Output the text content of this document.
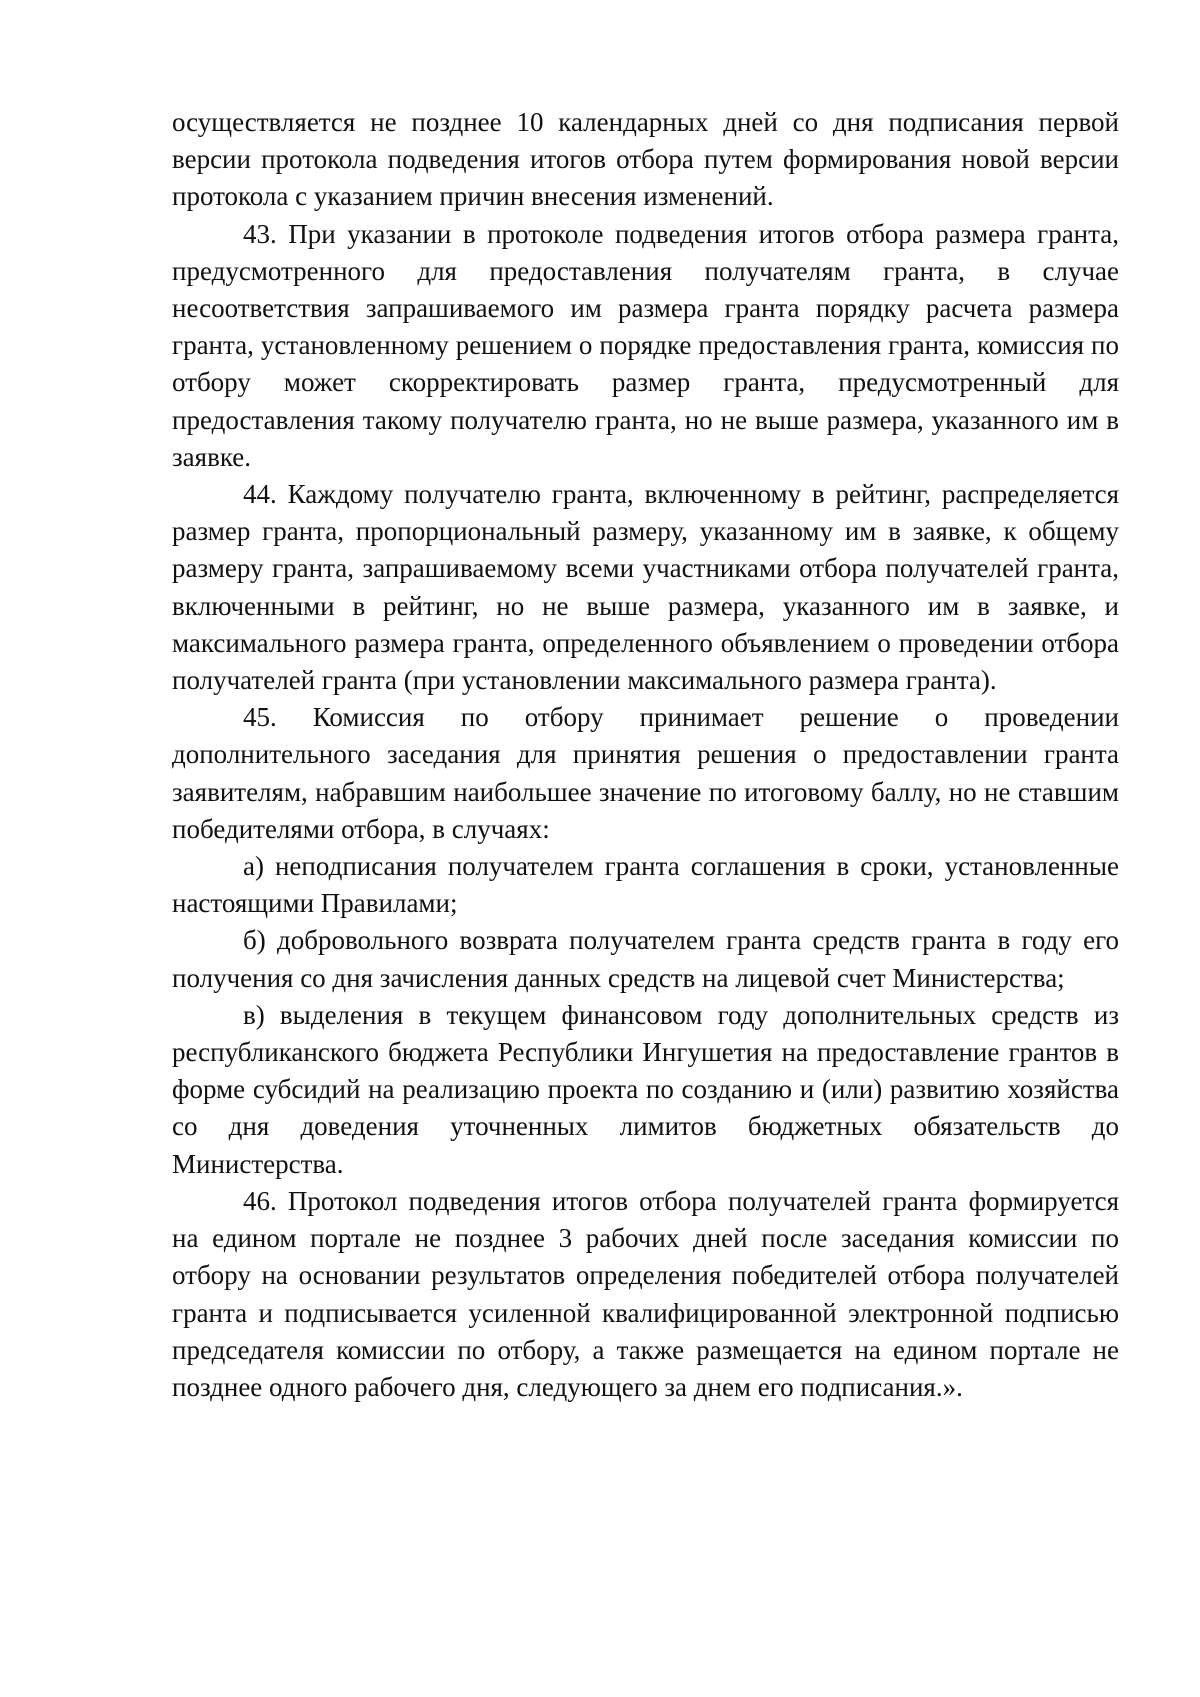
осуществляется не позднее 10 календарных дней со дня подписания первой версии протокола подведения итогов отбора путем формирования новой версии протокола с указанием причин внесения изменений.

43. При указании в протоколе подведения итогов отбора размера гранта, предусмотренного для предоставления получателям гранта, в случае несоответствия запрашиваемого им размера гранта порядку расчета размера гранта, установленному решением о порядке предоставления гранта, комиссия по отбору может скорректировать размер гранта, предусмотренный для предоставления такому получателю гранта, но не выше размера, указанного им в заявке.

44. Каждому получателю гранта, включенному в рейтинг, распределяется размер гранта, пропорциональный размеру, указанному им в заявке, к общему размеру гранта, запрашиваемому всеми участниками отбора получателей гранта, включенными в рейтинг, но не выше размера, указанного им в заявке, и максимального размера гранта, определенного объявлением о проведении отбора получателей гранта (при установлении максимального размера гранта).

45. Комиссия по отбору принимает решение о проведении дополнительного заседания для принятия решения о предоставлении гранта заявителям, набравшим наибольшее значение по итоговому баллу, но не ставшим победителями отбора, в случаях:

а) неподписания получателем гранта соглашения в сроки, установленные настоящими Правилами;

б) добровольного возврата получателем гранта средств гранта в году его получения со дня зачисления данных средств на лицевой счет Министерства;

в) выделения в текущем финансовом году дополнительных средств из республиканского бюджета Республики Ингушетия на предоставление грантов в форме субсидий на реализацию проекта по созданию и (или) развитию хозяйства со дня доведения уточненных лимитов бюджетных обязательств до Министерства.

46. Протокол подведения итогов отбора получателей гранта формируется на едином портале не позднее 3 рабочих дней после заседания комиссии по отбору на основании результатов определения победителей отбора получателей гранта и подписывается усиленной квалифицированной электронной подписью председателя комиссии по отбору, а также размещается на едином портале не позднее одного рабочего дня, следующего за днем его подписания.».
